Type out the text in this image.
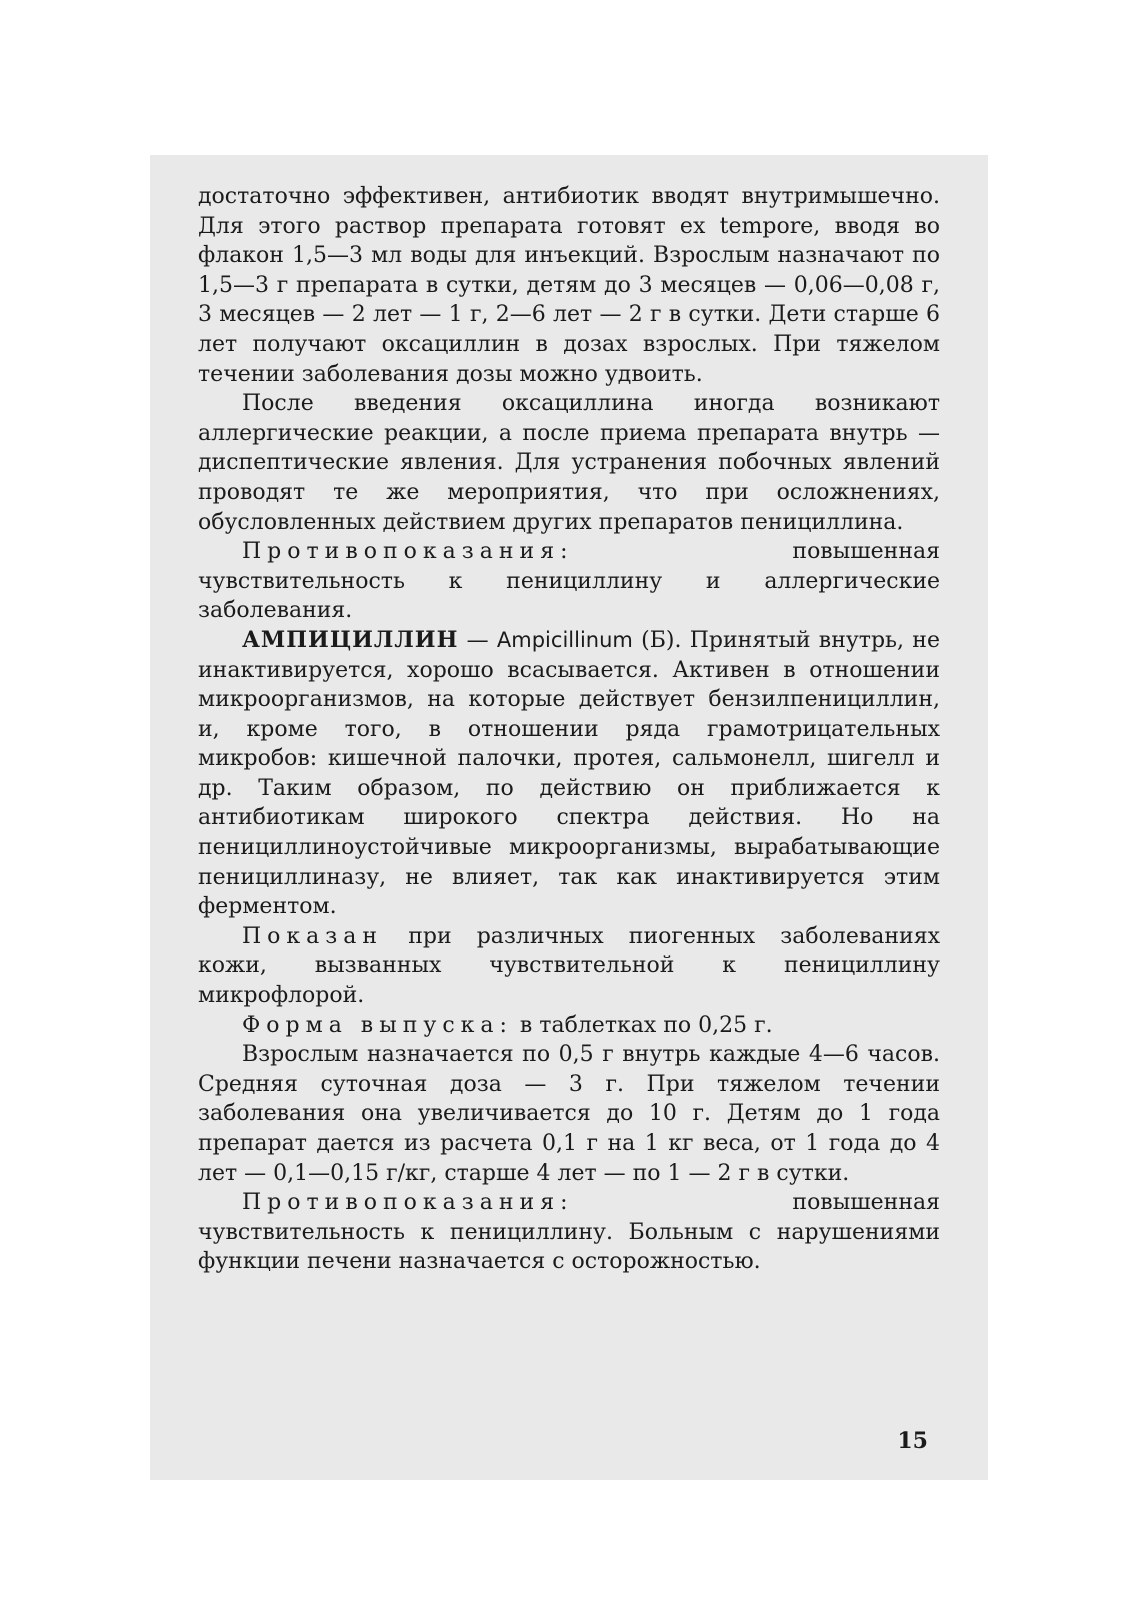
достаточно эффективен, антибиотик вводят внутримышечно. Для этого раствор препарата готовят ex tempore, вводя во флакон 1,5—3 мл воды для инъекций. Взрослым назначают по 1,5—3 г препарата в сутки, детям до 3 месяцев — 0,06—0,08 г, 3 месяцев — 2 лет — 1 г, 2—6 лет — 2 г в сутки. Дети старше 6 лет получают оксациллин в дозах взрослых. При тяжелом течении заболевания дозы можно удвоить.

После введения оксациллина иногда возникают аллергические реакции, а после приема препарата внутрь — диспептические явления. Для устранения побочных явлений проводят те же мероприятия, что при осложнениях, обусловленных действием других препаратов пенициллина.

Противопоказания: повышенная чувствительность к пенициллину и аллергические заболевания.

АМПИЦИЛЛИН — Ampicillinum (Б). Принятый внутрь, не инактивируется, хорошо всасывается. Активен в отношении микроорганизмов, на которые действует бензилпенициллин, и, кроме того, в отношении ряда грамотрицательных микробов: кишечной палочки, протея, сальмонелл, шигелл и др. Таким образом, по действию он приближается к антибиотикам широкого спектра действия. Но на пенициллиноустойчивые микроорганизмы, вырабатывающие пенициллиназу, не влияет, так как инактивируется этим ферментом.

Показан при различных пиогенных заболеваниях кожи, вызванных чувствительной к пенициллину микрофлорой.

Форма выпуска: в таблетках по 0,25 г.

Взрослым назначается по 0,5 г внутрь каждые 4—6 часов. Средняя суточная доза — 3 г. При тяжелом течении заболевания она увеличивается до 10 г. Детям до 1 года препарат дается из расчета 0,1 г на 1 кг веса, от 1 года до 4 лет — 0,1—0,15 г/кг, старше 4 лет — по 1 — 2 г в сутки.

Противопоказания: повышенная чувствительность к пенициллину. Больным с нарушениями функции печени назначается с осторожностью.

15
